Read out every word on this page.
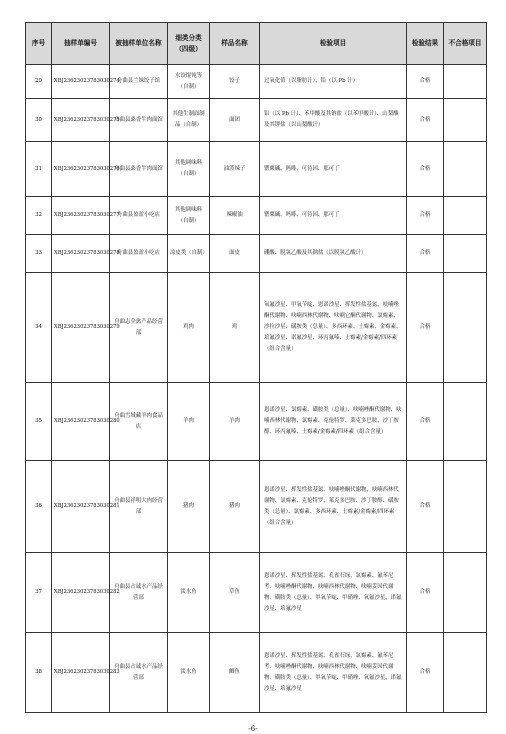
序号	抽样单编号	被抽样单位名称	细类分类（四级）	样品名称	检验项目	检验结果	不合格项目
29	XBJ23623023783030274	舟曲县兰妹饺子馆	水饺馄饨等（自制）	饺子	过氧化值（以脂肪计）、铅（以 Pb 计）	合格	
30	XBJ23623023783030275	舟曲县桑香牛肉面馆	其他生制面制品（自制）	面团	铅（以 Pb 计）、苯甲酸及其钠盐（以苯甲酸计）、山梨酸及其钾盐（以山梨酸计）	合格	
31	XBJ23623023783030276	舟曲县桑香牛肉面馆	其他调味料（自制）	油泼辣子	罂粟碱、吗啡、可待因、那可丁	合格	
32	XBJ23623023783030277	舟曲县盈盈小吃店	其他调味料（自制）	辣椒油	罂粟碱、吗啡、可待因、那可丁	合格	
33	XBJ23623023783030278	舟曲县盈盈小吃店	凉皮类（自制）	面皮	硼酸、脱氢乙酸及其钠盐（以脱氢乙酸计）	合格	
34	XBJ23623023783030279	舟曲志全禽产品经营部	鸡肉	鸡	氧氟沙星、甲氧苄啶、恩诺沙星、挥发性盐基氮、呋喃唑酮代谢物、呋喃西林代谢物、呋喃它酮代谢物、氯霉素、沙拉沙星、磺胺类（总量）、多西环素、土霉素、金霉素、培氟沙星、诺氟沙星、环丙氟嗪、土霉素/金霉素/四环素（组合含量）	合格	
35	XBJ23623023783030280	舟曲雪域藏羊肉食品店	羊肉	羊肉	恩诺沙星、氯霉素、磺胺类（总量）、呋喃唑酮代谢物、呋喃西林代谢物、氯霉素、克伦特罗、莱克多巴胺、沙丁胺醇、环丙氟嗪、土霉素/金霉素/四环素（组合含量）	合格	
36	XBJ23623023783030281	舟曲县祥明大肉经营部	猪肉	猪肉	恩诺沙星、挥发性盐基氮、呋喃唑酮代谢物、呋喃西林代谢物、氯霉素、克伦特罗、莱克多巴胺、沙丁胺醇、磺胺类（总量）、氯霉素、多西环素、土霉素/金霉素/四环素（组合含量）	合格	
37	XBJ23623023783030282	舟曲县占诚水产品经营部	淡水鱼	草鱼	恩诺沙星、挥发性盐基氮、孔雀石绿、氯霉素、氟苯尼考、呋喃唑酮代谢物、呋喃西林代谢物、呋喃妥因代谢物、磺胺类（总量）、甲氧苄啶、甲硝唑、氧氟沙星、诺氟沙星、培氟沙星	合格	
38	XBJ23623023783030283	舟曲县占诚水产品经营部	淡水鱼	鲫鱼	恩诺沙星、挥发性盐基氮、孔雀石绿、氯霉素、氟苯尼考、呋喃唑酮代谢物、呋喃西林代谢物、呋喃妥因代谢物、磺胺类（总量）、甲氧苄啶、甲硝唑、氧氟沙星、诺氟沙星、培氟沙星	合格	
-6-
